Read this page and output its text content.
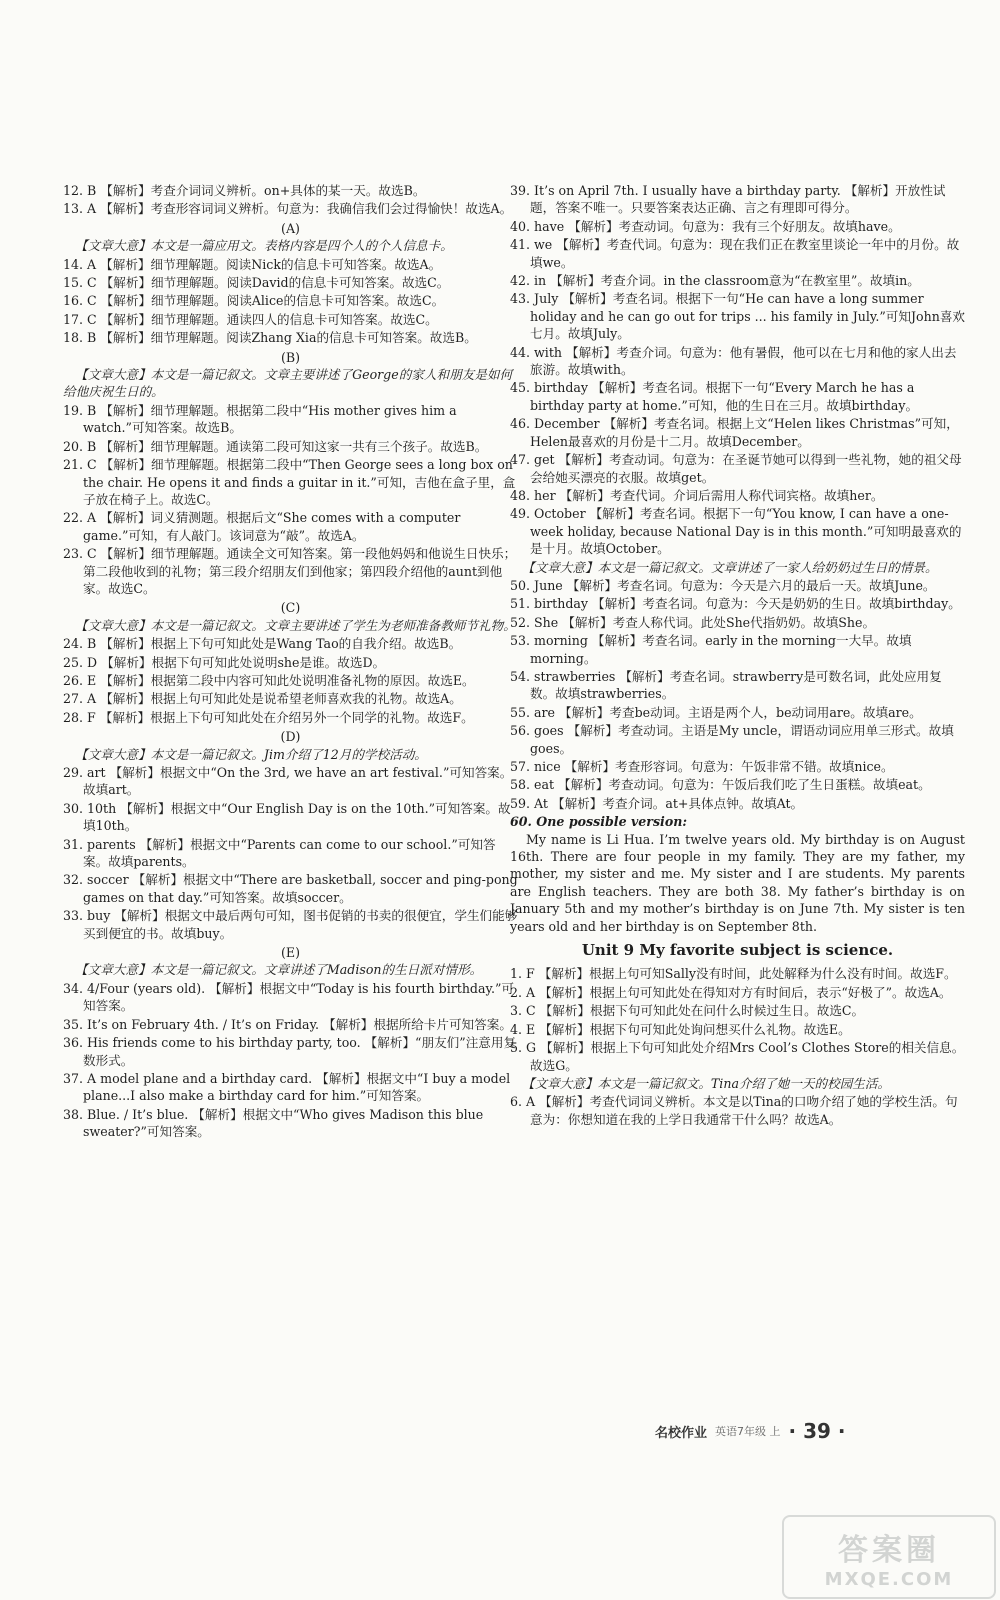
12. B 【解析】考查介词词义辨析。on+具体的某一天。故选B。

13. A 【解析】考查形容词词义辨析。句意为：我确信我们会过得愉快！故选A。

(A)

【文章大意】本文是一篇应用文。表格内容是四个人的个人信息卡。

14. A 【解析】细节理解题。阅读Nick的信息卡可知答案。故选A。

15. C 【解析】细节理解题。阅读David的信息卡可知答案。故选C。

16. C 【解析】细节理解题。阅读Alice的信息卡可知答案。故选C。

17. C 【解析】细节理解题。通读四人的信息卡可知答案。故选C。

18. B 【解析】细节理解题。阅读Zhang Xia的信息卡可知答案。故选B。

(B)

【文章大意】本文是一篇记叙文。文章主要讲述了George的家人和朋友是如何给他庆祝生日的。

19. B 【解析】细节理解题。根据第二段中“His mother gives him a watch.”可知答案。故选B。

20. B 【解析】细节理解题。通读第二段可知这家一共有三个孩子。故选B。

21. C 【解析】细节理解题。根据第二段中“Then George sees a long box on the chair. He opens it and finds a guitar in it.”可知，吉他在盒子里，盒子放在椅子上。故选C。

22. A 【解析】词义猜测题。根据后文“She comes with a computer game.”可知，有人敲门。该词意为“敲”。故选A。

23. C 【解析】细节理解题。通读全文可知答案。第一段他妈妈和他说生日快乐；第二段他收到的礼物；第三段介绍朋友们到他家；第四段介绍他的aunt到他家。故选C。

(C)

【文章大意】本文是一篇记叙文。文章主要讲述了学生为老师准备教师节礼物。

24. B 【解析】根据上下句可知此处是Wang Tao的自我介绍。故选B。

25. D 【解析】根据下句可知此处说明she是谁。故选D。

26. E 【解析】根据第二段中内容可知此处说明准备礼物的原因。故选E。

27. A 【解析】根据上句可知此处是说希望老师喜欢我的礼物。故选A。

28. F 【解析】根据上下句可知此处在介绍另外一个同学的礼物。故选F。

(D)

【文章大意】本文是一篇记叙文。Jim介绍了12月的学校活动。

29. art 【解析】根据文中“On the 3rd, we have an art festival.”可知答案。故填art。

30. 10th 【解析】根据文中“Our English Day is on the 10th.”可知答案。故填10th。

31. parents 【解析】根据文中“Parents can come to our school.”可知答案。故填parents。

32. soccer 【解析】根据文中“There are basketball, soccer and ping-pong games on that day.”可知答案。故填soccer。

33. buy 【解析】根据文中最后两句可知，图书促销的书卖的很便宜，学生们能够买到便宜的书。故填buy。

(E)

【文章大意】本文是一篇记叙文。文章讲述了Madison的生日派对情形。

34. 4/Four (years old). 【解析】根据文中“Today is his fourth birthday.”可知答案。

35. It’s on February 4th. / It’s on Friday. 【解析】根据所给卡片可知答案。

36. His friends come to his birthday party, too. 【解析】“朋友们”注意用复数形式。

37. A model plane and a birthday card. 【解析】根据文中“I buy a model plane...I also make a birthday card for him.”可知答案。

38. Blue. / It’s blue. 【解析】根据文中“Who gives Madison this blue sweater?”可知答案。

39. It’s on April 7th. I usually have a birthday party. 【解析】开放性试题，答案不唯一。只要答案表达正确、言之有理即可得分。

40. have 【解析】考查动词。句意为：我有三个好朋友。故填have。

41. we 【解析】考查代词。句意为：现在我们正在教室里谈论一年中的月份。故填we。

42. in 【解析】考查介词。in the classroom意为“在教室里”。故填in。

43. July 【解析】考查名词。根据下一句“He can have a long summer holiday and he can go out for trips ... his family in July.”可知John喜欢七月。故填July。

44. with 【解析】考查介词。句意为：他有暑假，他可以在七月和他的家人出去旅游。故填with。

45. birthday 【解析】考查名词。根据下一句“Every March he has a birthday party at home.”可知，他的生日在三月。故填birthday。

46. December 【解析】考查名词。根据上文“Helen likes Christmas”可知，Helen最喜欢的月份是十二月。故填December。

47. get 【解析】考查动词。句意为：在圣诞节她可以得到一些礼物，她的祖父母会给她买漂亮的衣服。故填get。

48. her 【解析】考查代词。介词后需用人称代词宾格。故填her。

49. October 【解析】考查名词。根据下一句“You know, I can have a one-week holiday, because National Day is in this month.”可知明最喜欢的是十月。故填October。

【文章大意】本文是一篇记叙文。文章讲述了一家人给奶奶过生日的情景。

50. June 【解析】考查名词。句意为：今天是六月的最后一天。故填June。

51. birthday 【解析】考查名词。句意为：今天是奶奶的生日。故填birthday。

52. She 【解析】考查人称代词。此处She代指奶奶。故填She。

53. morning 【解析】考查名词。early in the morning一大早。故填morning。

54. strawberries 【解析】考查名词。strawberry是可数名词，此处应用复数。故填strawberries。

55. are 【解析】考查be动词。主语是两个人，be动词用are。故填are。

56. goes 【解析】考查动词。主语是My uncle，谓语动词应用单三形式。故填goes。

57. nice 【解析】考查形容词。句意为：午饭非常不错。故填nice。

58. eat 【解析】考查动词。句意为：午饭后我们吃了生日蛋糕。故填eat。

59. At 【解析】考查介词。at+具体点钟。故填At。

60. One possible version:

My name is Li Hua. I’m twelve years old. My birthday is on August 16th. There are four people in my family. They are my father, my mother, my sister and me. My sister and I are students. My parents are English teachers. They are both 38. My father’s birthday is on January 5th and my mother’s birthday is on June 7th. My sister is ten years old and her birthday is on September 8th.

Unit 9 My favorite subject is science.

1. F 【解析】根据上句可知Sally没有时间，此处解释为什么没有时间。故选F。

2. A 【解析】根据上句可知此处在得知对方有时间后，表示“好极了”。故选A。

3. C 【解析】根据下句可知此处在问什么时候过生日。故选C。

4. E 【解析】根据下句可知此处询问想买什么礼物。故选E。

5. G 【解析】根据上下句可知此处介绍Mrs Cool’s Clothes Store的相关信息。故选G。

【文章大意】本文是一篇记叙文。Tina介绍了她一天的校园生活。

6. A 【解析】考查代词词义辨析。本文是以Tina的口吻介绍了她的学校生活。句意为：你想知道在我的上学日我通常干什么吗？故选A。

名校作业 英语7年级 上 · 39 ·
答案圈
MXQE.COM
